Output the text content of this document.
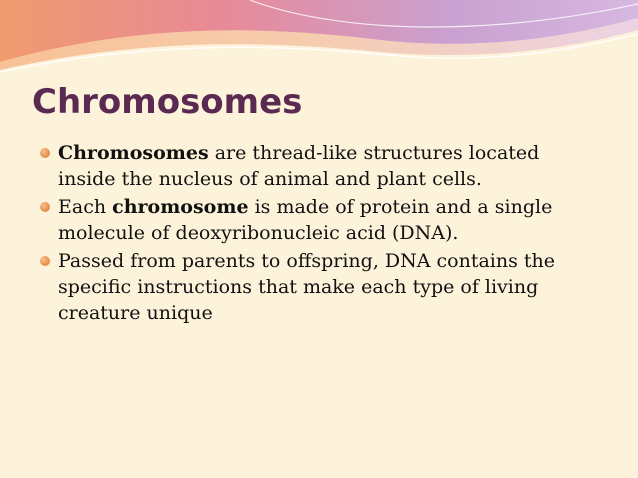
Chromosomes
Chromosomes are thread-like structures located
inside the nucleus of animal and plant cells.
Each chromosome is made of protein and a single
molecule of deoxyribonucleic acid (DNA).
Passed from parents to offspring, DNA contains the
specific instructions that make each type of living
creature unique
